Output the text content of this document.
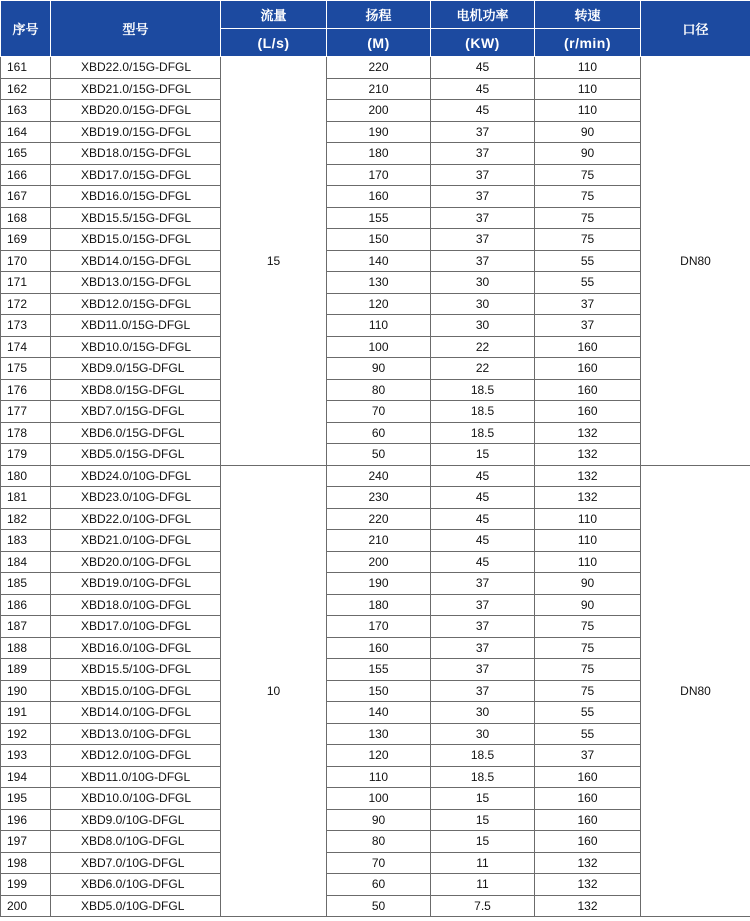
序号	型号	流量	扬程	电机功率	转速	口径
		(L/s)	(M)	(KW)	(r/min)	
161	XBD22.0/15G-DFGL	15	220	45	110	DN80
162	XBD21.0/15G-DFGL		210	45	110	
163	XBD20.0/15G-DFGL		200	45	110	
164	XBD19.0/15G-DFGL		190	37	90	
165	XBD18.0/15G-DFGL		180	37	90	
166	XBD17.0/15G-DFGL		170	37	75	
167	XBD16.0/15G-DFGL		160	37	75	
168	XBD15.5/15G-DFGL		155	37	75	
169	XBD15.0/15G-DFGL		150	37	75	
170	XBD14.0/15G-DFGL		140	37	55	
171	XBD13.0/15G-DFGL		130	30	55	
172	XBD12.0/15G-DFGL		120	30	37	
173	XBD11.0/15G-DFGL		110	30	37	
174	XBD10.0/15G-DFGL		100	22	160	
175	XBD9.0/15G-DFGL		90	22	160	
176	XBD8.0/15G-DFGL		80	18.5	160	
177	XBD7.0/15G-DFGL		70	18.5	160	
178	XBD6.0/15G-DFGL		60	18.5	132	
179	XBD5.0/15G-DFGL		50	15	132	
180	XBD24.0/10G-DFGL	10	240	45	132	DN80
181	XBD23.0/10G-DFGL		230	45	132	
182	XBD22.0/10G-DFGL		220	45	110	
183	XBD21.0/10G-DFGL		210	45	110	
184	XBD20.0/10G-DFGL		200	45	110	
185	XBD19.0/10G-DFGL		190	37	90	
186	XBD18.0/10G-DFGL		180	37	90	
187	XBD17.0/10G-DFGL		170	37	75	
188	XBD16.0/10G-DFGL		160	37	75	
189	XBD15.5/10G-DFGL		155	37	75	
190	XBD15.0/10G-DFGL		150	37	75	
191	XBD14.0/10G-DFGL		140	30	55	
192	XBD13.0/10G-DFGL		130	30	55	
193	XBD12.0/10G-DFGL		120	18.5	37	
194	XBD11.0/10G-DFGL		110	18.5	160	
195	XBD10.0/10G-DFGL		100	15	160	
196	XBD9.0/10G-DFGL		90	15	160	
197	XBD8.0/10G-DFGL		80	15	160	
198	XBD7.0/10G-DFGL		70	11	132	
199	XBD6.0/10G-DFGL		60	11	132	
200	XBD5.0/10G-DFGL		50	7.5	132	
